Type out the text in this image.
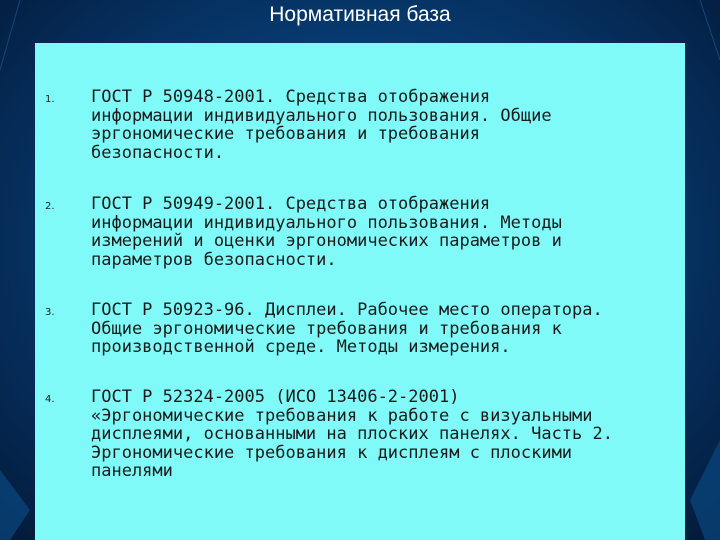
Нормативная база
1. ГОСТ Р 50948-2001. Средства отображения
информации индивидуального пользования. Общие
эргономические требования и требования
безопасности.
2. ГОСТ Р 50949-2001. Средства отображения
информации индивидуального пользования. Методы
измерений и оценки эргономических параметров и
параметров безопасности.
3. ГОСТ Р 50923-96. Дисплеи. Рабочее место оператора.
Общие эргономические требования и требования к
производственной среде. Методы измерения.
4. ГОСТ Р 52324-2005 (ИСО 13406-2-2001)
«Эргономические требования к работе с визуальными
дисплеями, основанными на плоских панелях. Часть 2.
Эргономические требования к дисплеям с плоскими
панелями
